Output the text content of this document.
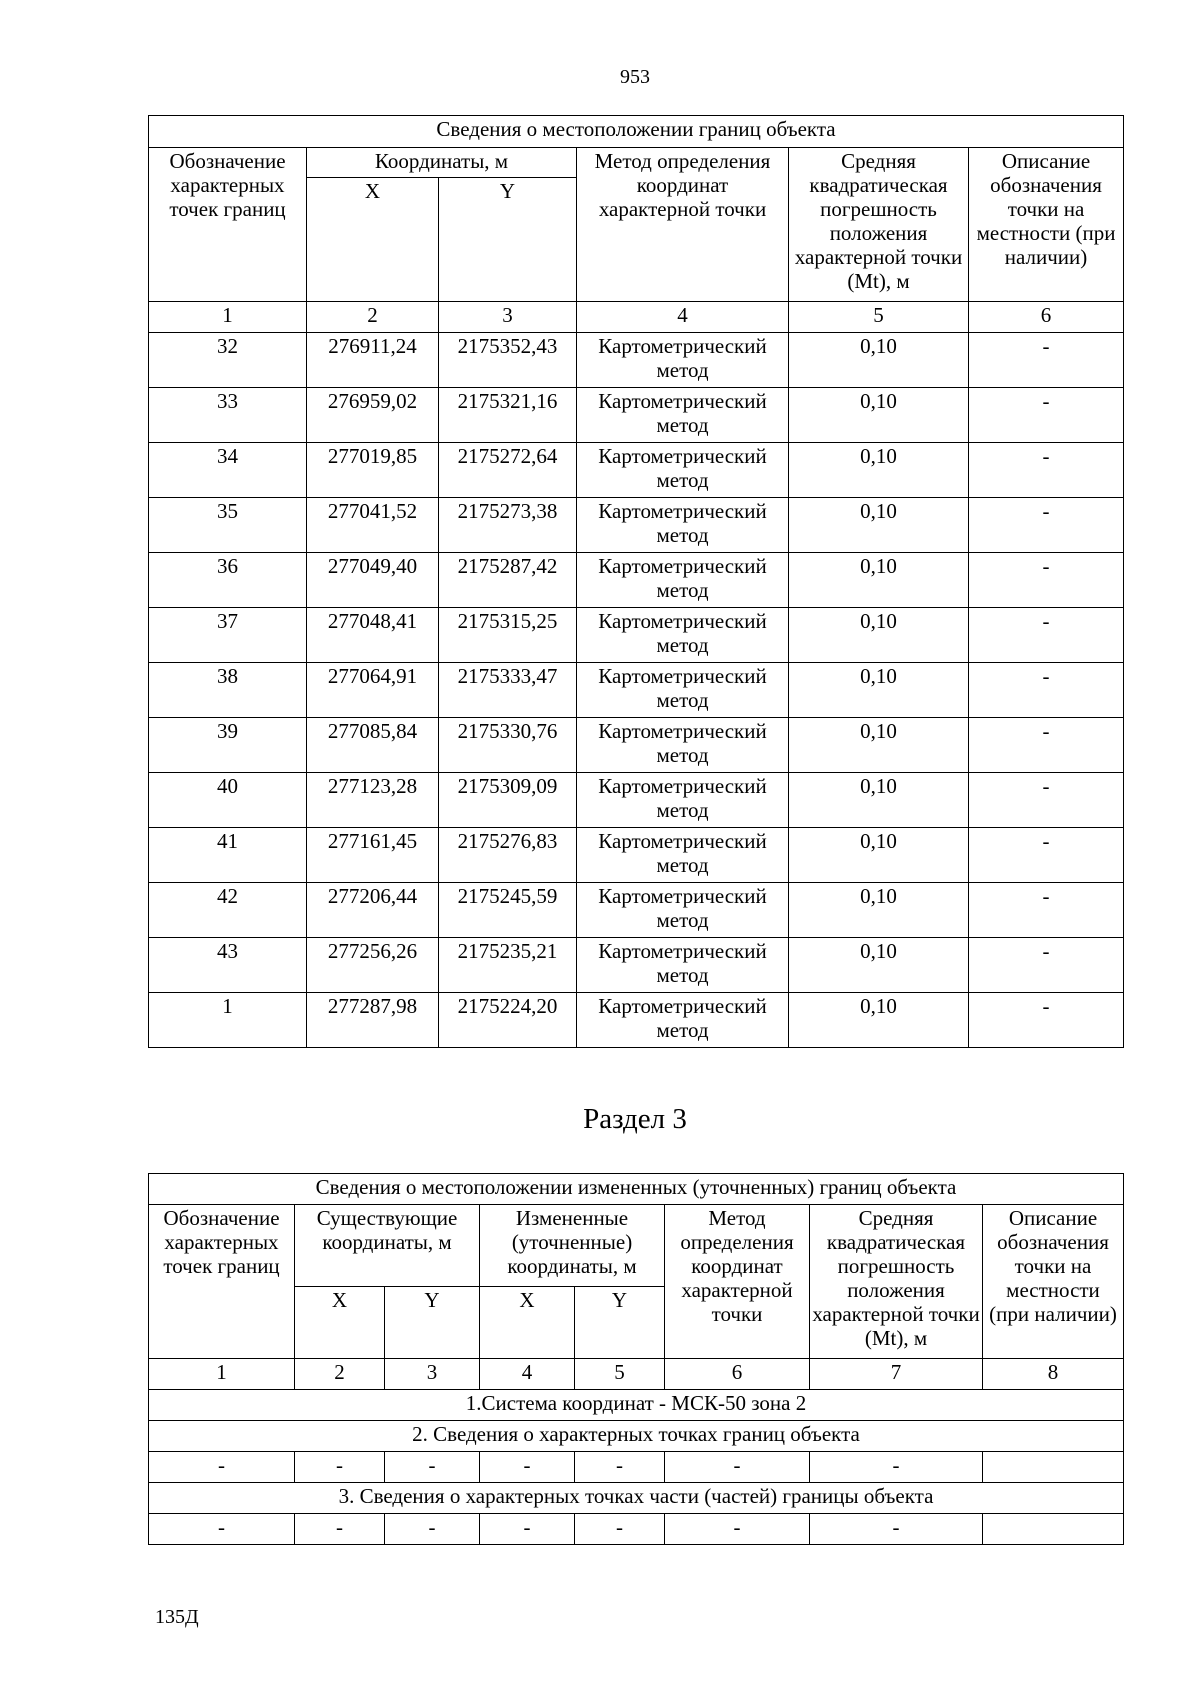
953
Сведения о местоположении границ объекта					

Обозначение характерных точек границ	Координаты, м		Метод определения координат характерной точки	Средняя квадратическая погрешность положения характерной точки (Mt), м	Описание обозначения точки на местности (при наличии)

	X	Y			
1	2	3	4	5	6
32	276911,24	2175352,43	Картометрический метод	0,10	-
33	276959,02	2175321,16	Картометрический метод	0,10	-
34	277019,85	2175272,64	Картометрический метод	0,10	-
35	277041,52	2175273,38	Картометрический метод	0,10	-
36	277049,40	2175287,42	Картометрический метод	0,10	-
37	277048,41	2175315,25	Картометрический метод	0,10	-
38	277064,91	2175333,47	Картометрический метод	0,10	-
39	277085,84	2175330,76	Картометрический метод	0,10	-
40	277123,28	2175309,09	Картометрический метод	0,10	-
41	277161,45	2175276,83	Картометрический метод	0,10	-
42	277206,44	2175245,59	Картометрический метод	0,10	-
43	277256,26	2175235,21	Картометрический метод	0,10	-
1	277287,98	2175224,20	Картометрический метод	0,10	-
Раздел 3
Сведения о местоположении измененных (уточненных) границ объекта							

Обозначение характерных точек границ	Существующие координаты, м		Измененные (уточненные) координаты, м		Метод определения координат характерной точки	Средняя квадратическая погрешность положения характерной точки (Mt), м	Описание обозначения точки на местности (при наличии)

	X	Y	X	Y			
1	2	3	4	5	6	7	8
1.Система координат - МСК-50 зона 2							
2. Сведения о характерных точках границ объекта							
-	-	-	-	-	-	-	
3. Сведения о характерных точках части (частей) границы объекта							
-	-	-	-	-	-	-	
135Д
